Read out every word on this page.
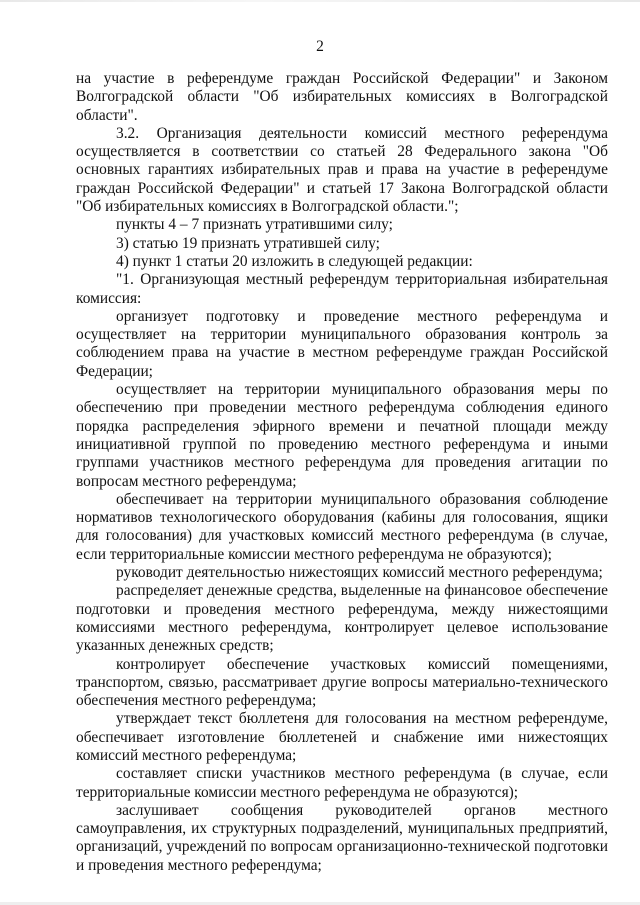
2

на участие в референдуме граждан Российской Федерации" и Законом Волгоградской области "Об избирательных комиссиях в Волгоградской области".

3.2. Организация деятельности комиссий местного референдума осуществляется в соответствии со статьей 28 Федерального закона "Об основных гарантиях избирательных прав и права на участие в референдуме граждан Российской Федерации" и статьей 17 Закона Волгоградской области "Об избирательных комиссиях в Волгоградской области.";

пункты 4 – 7 признать утратившими силу;

3) статью 19 признать утратившей силу;

4) пункт 1 статьи 20 изложить в следующей редакции:

"1. Организующая местный референдум территориальная избирательная комиссия:

организует подготовку и проведение местного референдума и осуществляет на территории муниципального образования контроль за соблюдением права на участие в местном референдуме граждан Российской Федерации;

осуществляет на территории муниципального образования меры по обеспечению при проведении местного референдума соблюдения единого порядка распределения эфирного времени и печатной площади между инициативной группой по проведению местного референдума и иными группами участников местного референдума для проведения агитации по вопросам местного референдума;

обеспечивает на территории муниципального образования соблюдение нормативов технологического оборудования (кабины для голосования, ящики для голосования) для участковых комиссий местного референдума (в случае, если территориальные комиссии местного референдума не образуются);

руководит деятельностью нижестоящих комиссий местного референдума;

распределяет денежные средства, выделенные на финансовое обеспечение подготовки и проведения местного референдума, между нижестоящими комиссиями местного референдума, контролирует целевое использование указанных денежных средств;

контролирует обеспечение участковых комиссий помещениями, транспортом, связью, рассматривает другие вопросы материально-технического обеспечения местного референдума;

утверждает текст бюллетеня для голосования на местном референдуме, обеспечивает изготовление бюллетеней и снабжение ими нижестоящих комиссий местного референдума;

составляет списки участников местного референдума (в случае, если территориальные комиссии местного референдума не образуются);

заслушивает сообщения руководителей органов местного самоуправления, их структурных подразделений, муниципальных предприятий, организаций, учреждений по вопросам организационно-технической подготовки и проведения местного референдума;
